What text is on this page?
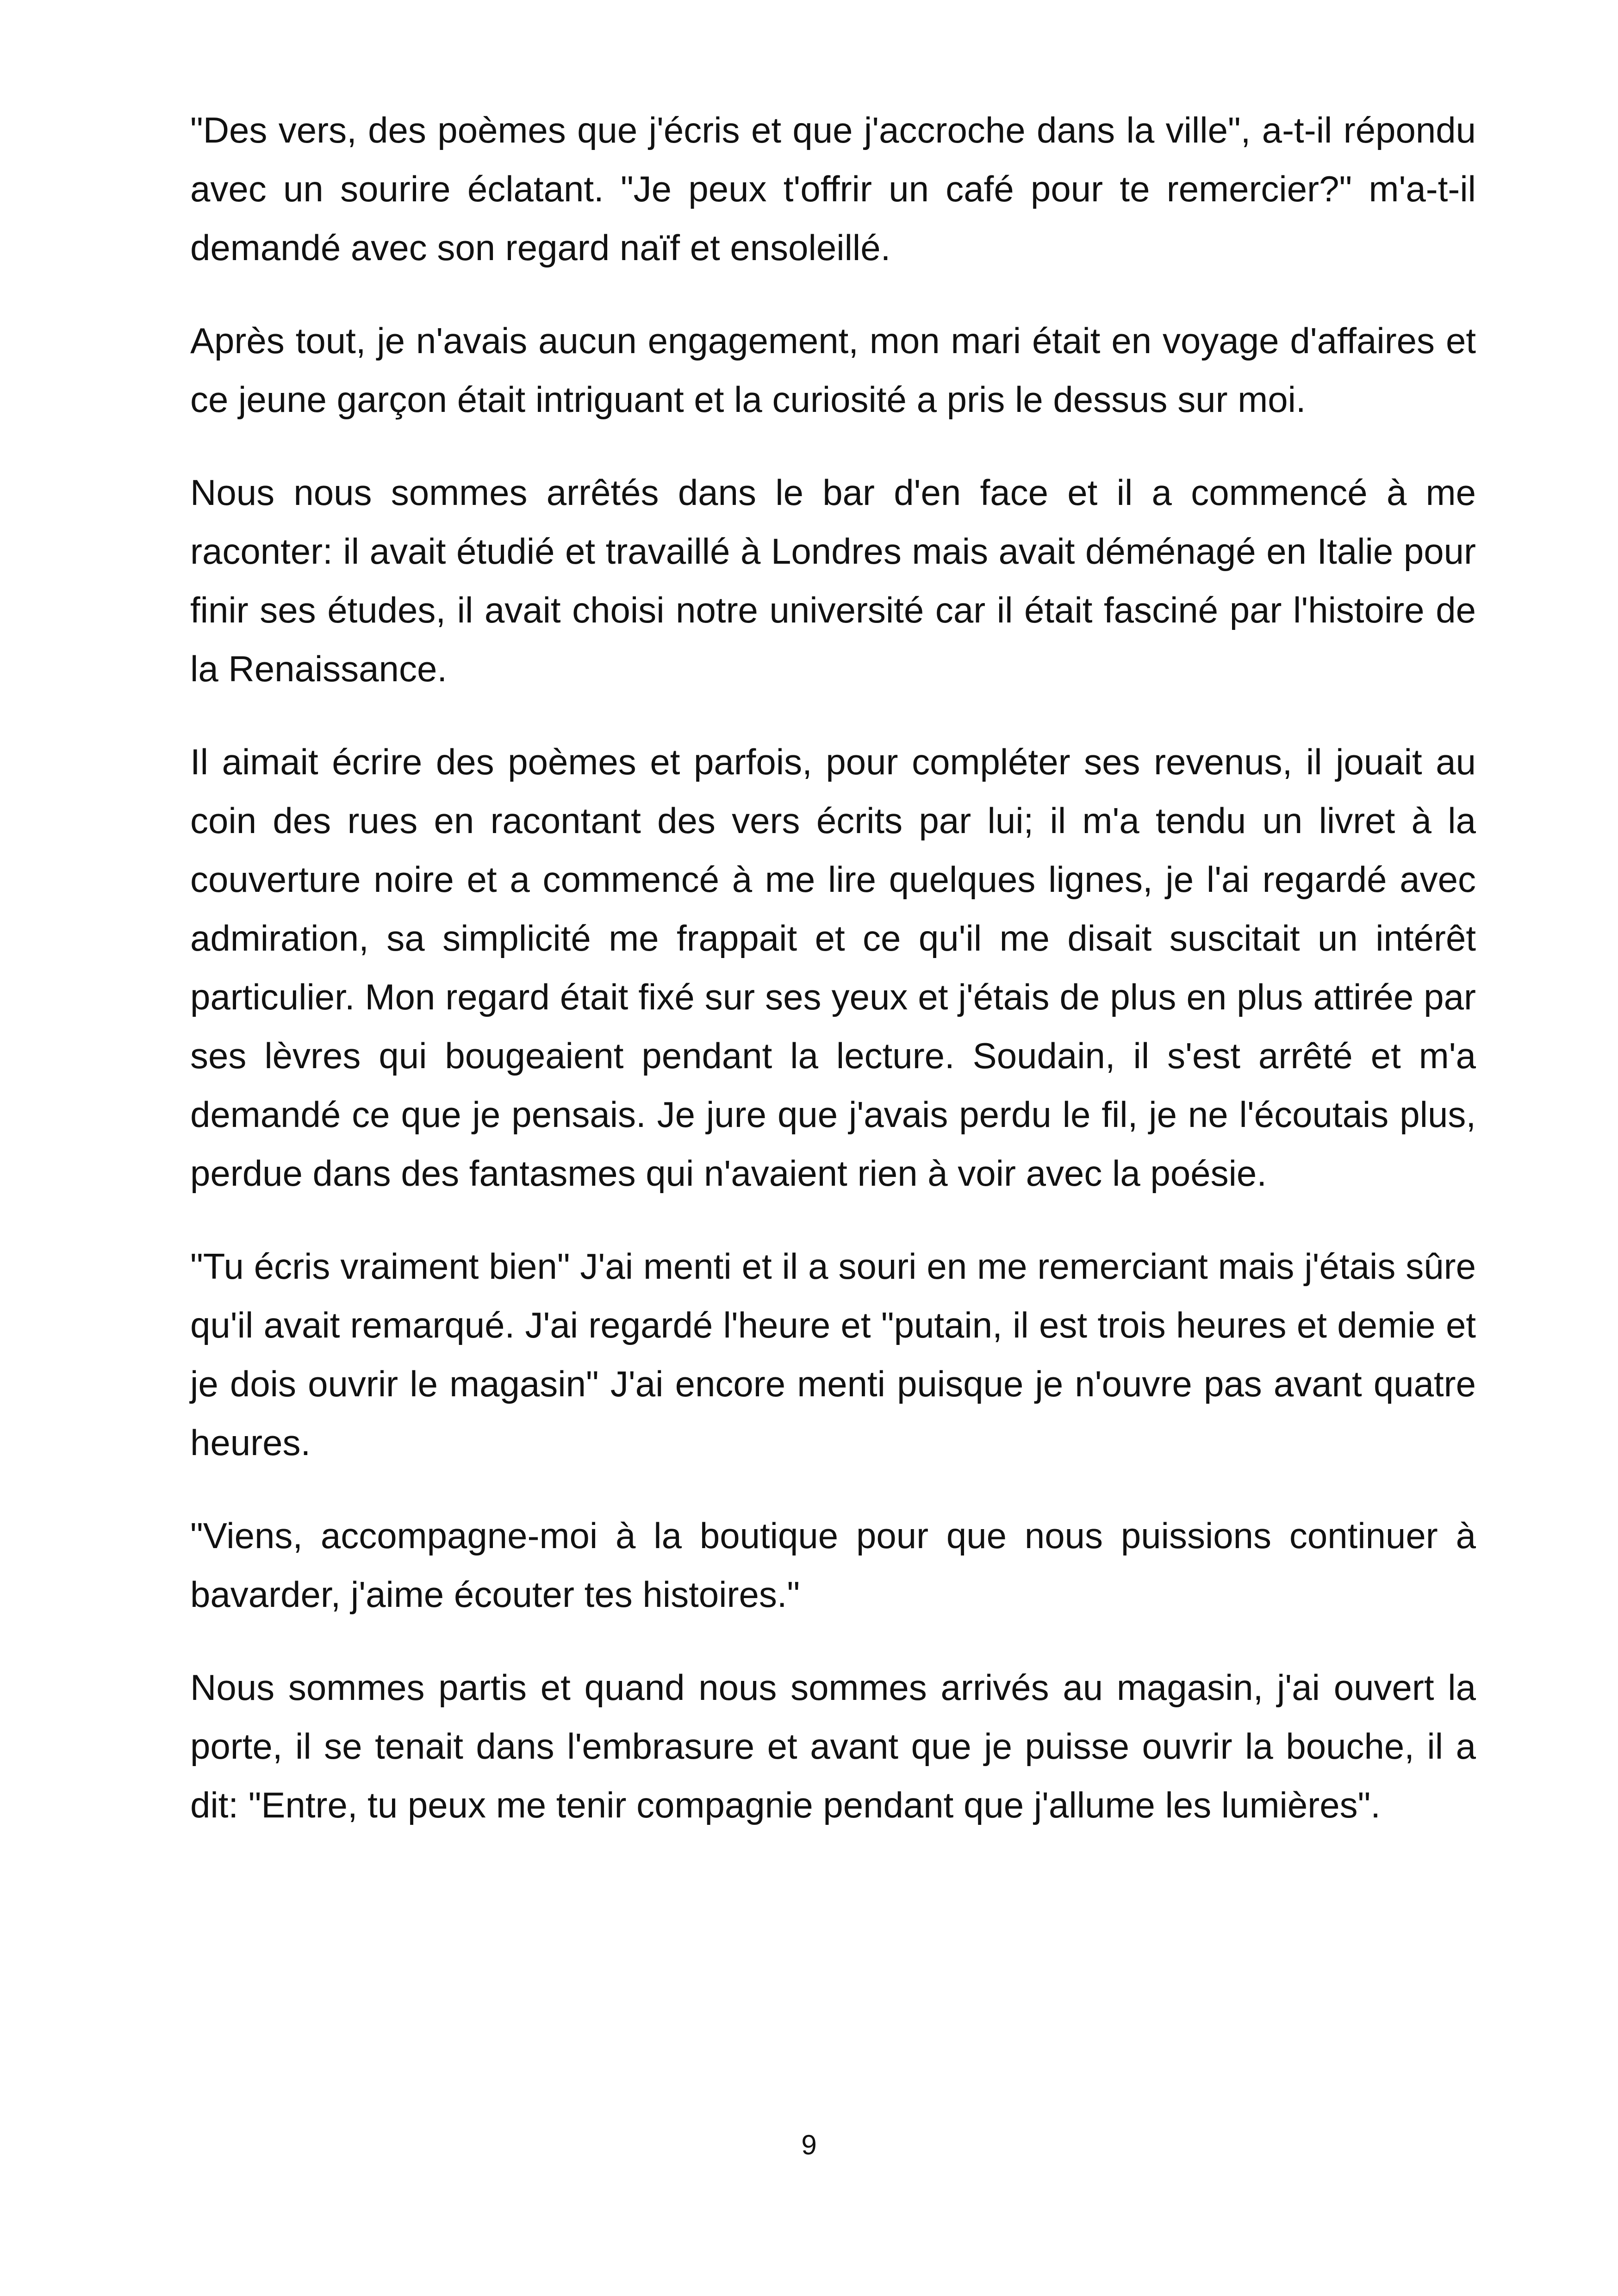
"Des vers, des poèmes que j'écris et que j'accroche dans la ville", a-t-il répondu avec un sourire éclatant. "Je peux t'offrir un café pour te remercier?" m'a-t-il demandé avec son regard naïf et ensoleillé.

Après tout, je n'avais aucun engagement, mon mari était en voyage d'affaires et ce jeune garçon était intriguant et la curiosité a pris le dessus sur moi.

Nous nous sommes arrêtés dans le bar d'en face et il a commencé à me raconter: il avait étudié et travaillé à Londres mais avait déménagé en Italie pour finir ses études, il avait choisi notre université car il était fasciné par l'histoire de la Renaissance.

Il aimait écrire des poèmes et parfois, pour compléter ses revenus, il jouait au coin des rues en racontant des vers écrits par lui; il m'a tendu un livret à la couverture noire et a commencé à me lire quelques lignes, je l'ai regardé avec admiration, sa simplicité me frappait et ce qu'il me disait suscitait un intérêt particulier. Mon regard était fixé sur ses yeux et j'étais de plus en plus attirée par ses lèvres qui bougeaient pendant la lecture. Soudain, il s'est arrêté et m'a demandé ce que je pensais. Je jure que j'avais perdu le fil, je ne l'écoutais plus, perdue dans des fantasmes qui n'avaient rien à voir avec la poésie.

"Tu écris vraiment bien" J'ai menti et il a souri en me remerciant mais j'étais sûre qu'il avait remarqué. J'ai regardé l'heure et "putain, il est trois heures et demie et je dois ouvrir le magasin" J'ai encore menti puisque je n'ouvre pas avant quatre heures.

"Viens, accompagne-moi à la boutique pour que nous puissions continuer à bavarder, j'aime écouter tes histoires."

Nous sommes partis et quand nous sommes arrivés au magasin, j'ai ouvert la porte, il se tenait dans l'embrasure et avant que je puisse ouvrir la bouche, il a dit: "Entre, tu peux me tenir compagnie pendant que j'allume les lumières".

9
